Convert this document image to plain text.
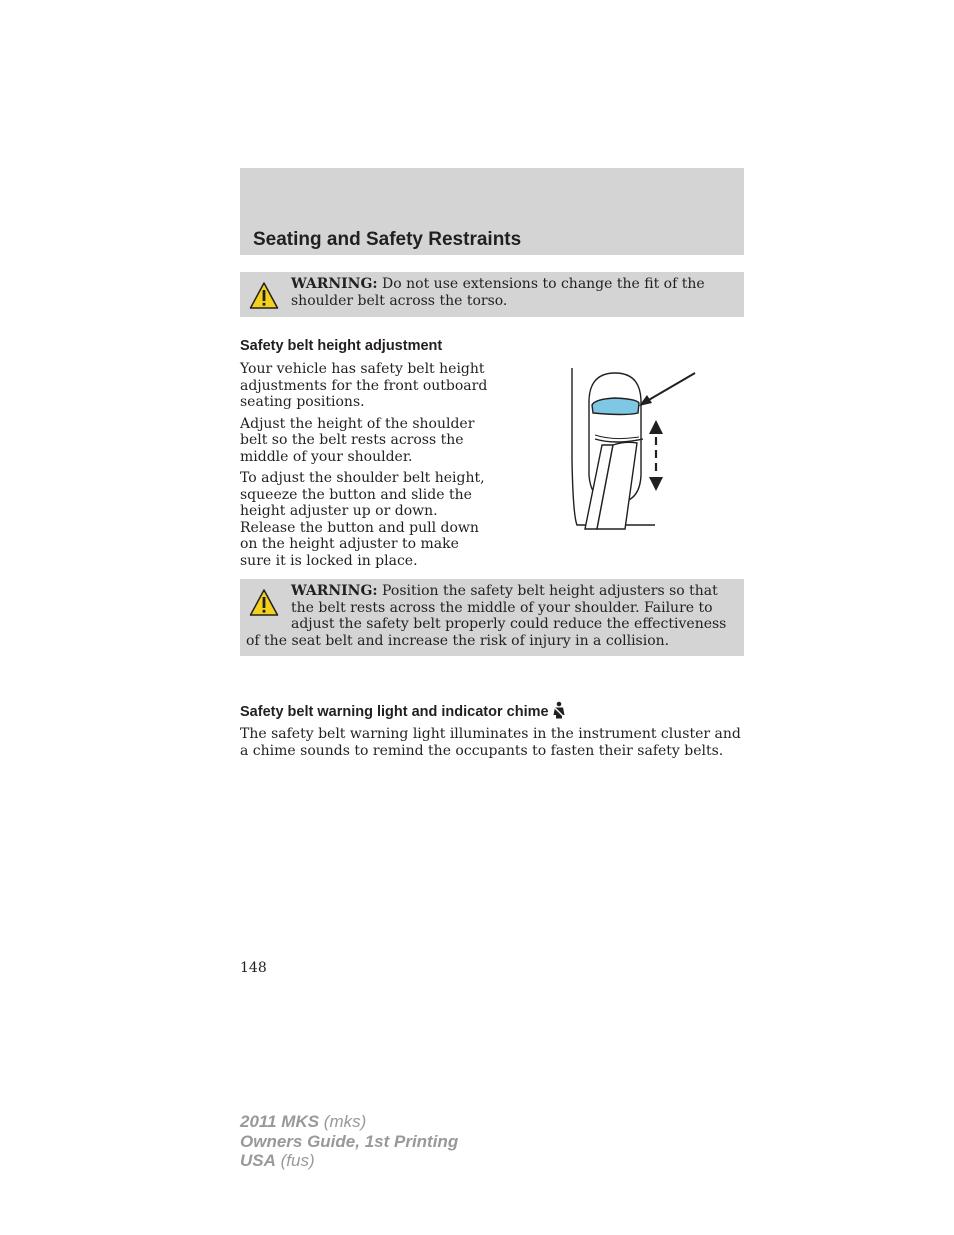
Seating and Safety Restraints
WARNING: Do not use extensions to change the fit of the shoulder belt across the torso.
Safety belt height adjustment

Your vehicle has safety belt height adjustments for the front outboard seating positions.

Adjust the height of the shoulder belt so the belt rests across the middle of your shoulder.

To adjust the shoulder belt height, squeeze the button and slide the height adjuster up or down. Release the button and pull down on the height adjuster to make sure it is locked in place.

WARNING: Position the safety belt height adjusters so that the belt rests across the middle of your shoulder. Failure to adjust the safety belt properly could reduce the effectiveness of the seat belt and increase the risk of injury in a collision.
Safety belt warning light and indicator chime

The safety belt warning light illuminates in the instrument cluster and a chime sounds to remind the occupants to fasten their safety belts.

148
2011 MKS (mks)
Owners Guide, 1st Printing
USA (fus)
